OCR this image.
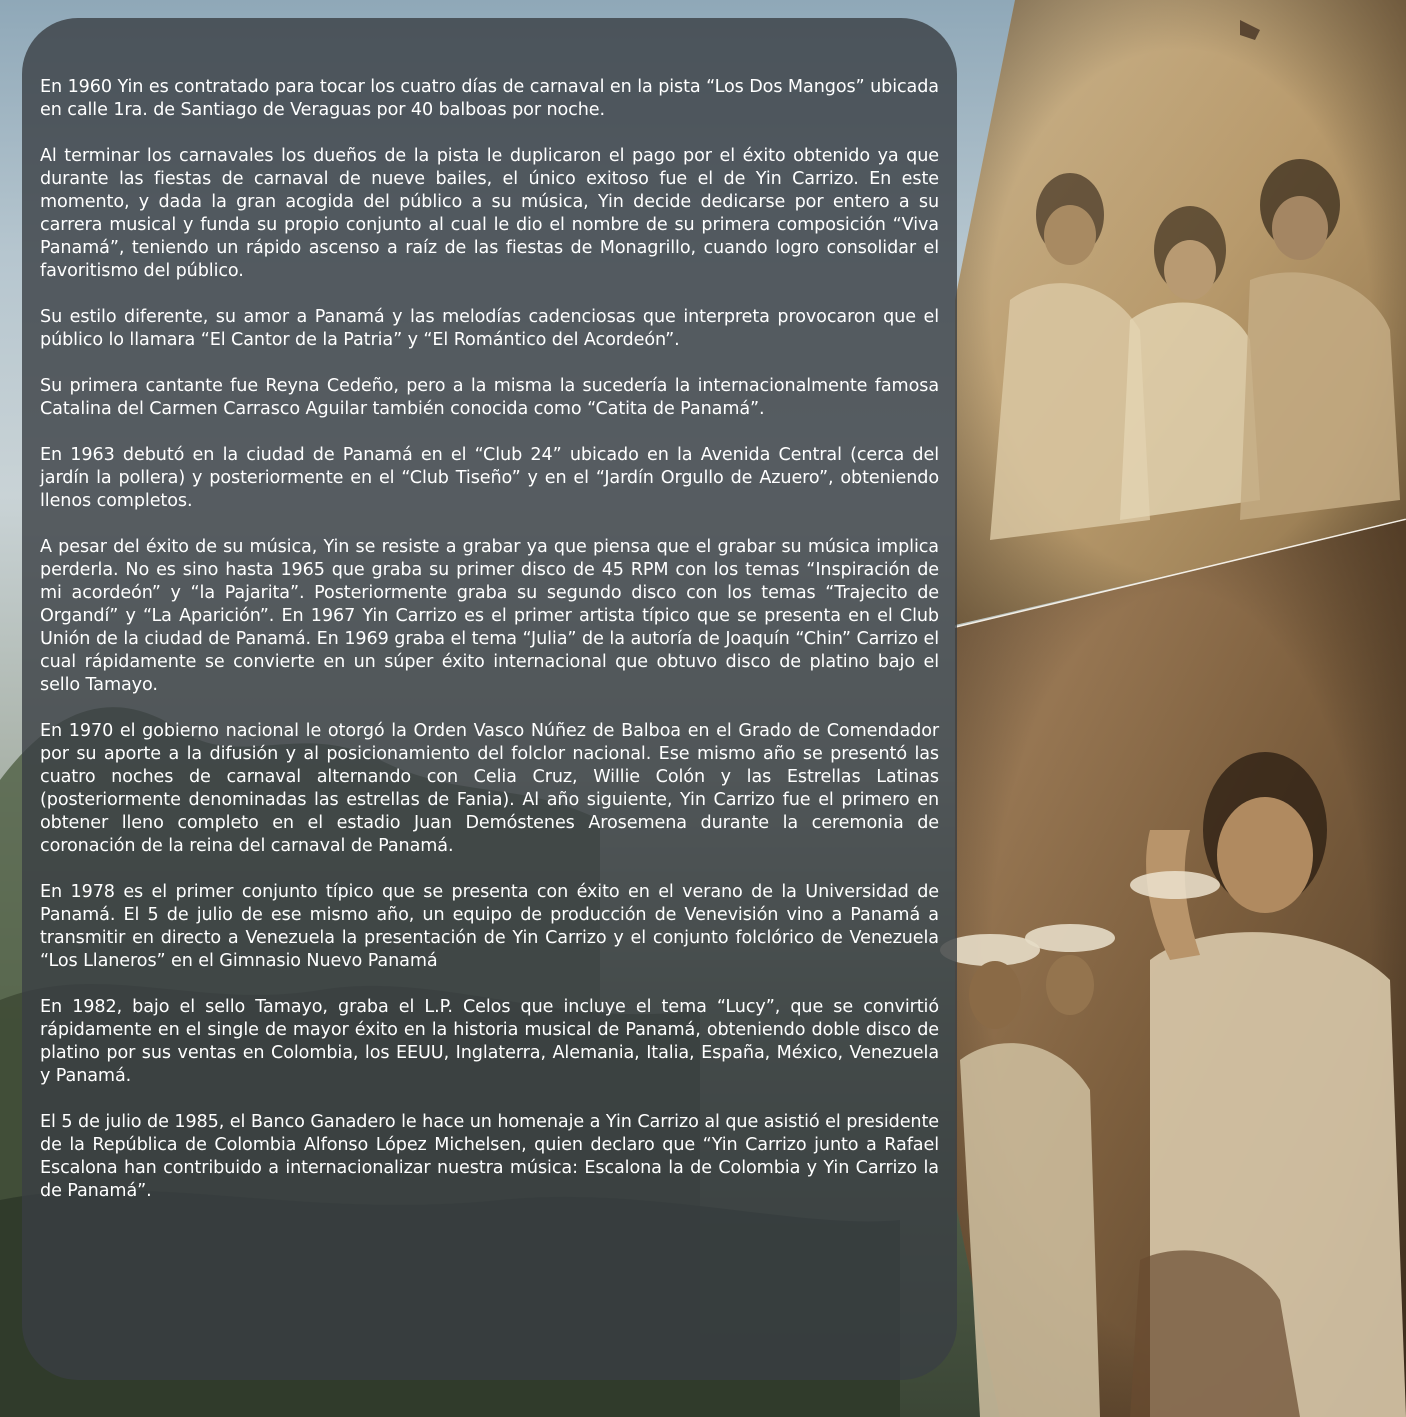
En 1960 Yin es contratado para tocar los cuatro días de carnaval en la pista “Los Dos Mangos” ubicada en calle 1ra. de Santiago de Veraguas por 40 balboas por noche.

Al terminar los carnavales los dueños de la pista le duplicaron el pago por el éxito obtenido ya que durante las fiestas de carnaval de nueve bailes, el único exitoso fue el de Yin Carrizo. En este momento, y dada la gran acogida del público a su música, Yin decide dedicarse por entero a su carrera musical y funda su propio conjunto al cual le dio el nombre de su primera composición “Viva Panamá”, teniendo un rápido ascenso a raíz de las fiestas de Monagrillo, cuando logro consolidar el favoritismo del público.

Su estilo diferente, su amor a Panamá y las melodías cadenciosas que interpreta provocaron que el público lo llamara “El Cantor de la Patria” y “El Romántico del Acordeón”.

Su primera cantante fue Reyna Cedeño, pero a la misma la sucedería la internacionalmente famosa Catalina del Carmen Carrasco Aguilar también conocida como “Catita de Panamá”.

En 1963 debutó en la ciudad de Panamá en el “Club 24” ubicado en la Avenida Central (cerca del jardín la pollera) y posteriormente en el “Club Tiseño” y en el “Jardín Orgullo de Azuero”, obteniendo llenos completos.

A pesar del éxito de su música, Yin se resiste a grabar ya que piensa que el grabar su música implica perderla. No es sino hasta 1965 que graba su primer disco de 45 RPM con los temas “Inspiración de mi acordeón” y “la Pajarita”. Posteriormente graba su segundo disco con los temas “Trajecito de Organdí” y “La Aparición”. En 1967 Yin Carrizo es el primer artista típico que se presenta en el Club Unión de la ciudad de Panamá. En 1969 graba el tema “Julia” de la autoría de Joaquín “Chin” Carrizo el cual rápidamente se convierte en un súper éxito internacional que obtuvo disco de platino bajo el sello Tamayo.

En 1970 el gobierno nacional le otorgó la Orden Vasco Núñez de Balboa en el Grado de Comendador por su aporte a la difusión y al posicionamiento del folclor nacional. Ese mismo año se presentó las cuatro noches de carnaval alternando con Celia Cruz, Willie Colón y las Estrellas Latinas (posteriormente denominadas las estrellas de Fania). Al año siguiente, Yin Carrizo fue el primero en obtener lleno completo en el estadio Juan Demóstenes Arosemena durante la ceremonia de coronación de la reina del carnaval de Panamá.

En 1978 es el primer conjunto típico que se presenta con éxito en el verano de la Universidad de Panamá. El 5 de julio de ese mismo año, un equipo de producción de Venevisión vino a Panamá a transmitir en directo a Venezuela la presentación de Yin Carrizo y el conjunto folclórico de Venezuela “Los Llaneros” en el Gimnasio Nuevo Panamá

En 1982, bajo el sello Tamayo, graba el L.P. Celos que incluye el tema “Lucy”, que se convirtió rápidamente en el single de mayor éxito en la historia musical de Panamá, obteniendo doble disco de platino por sus ventas en Colombia, los EEUU, Inglaterra, Alemania, Italia, España, México, Venezuela y Panamá.

El 5 de julio de 1985, el Banco Ganadero le hace un homenaje a Yin Carrizo al que asistió el presidente de la República de Colombia Alfonso López Michelsen, quien declaro que “Yin Carrizo junto a Rafael Escalona han contribuido a internacionalizar nuestra música: Escalona la de Colombia y Yin Carrizo la de Panamá”.
